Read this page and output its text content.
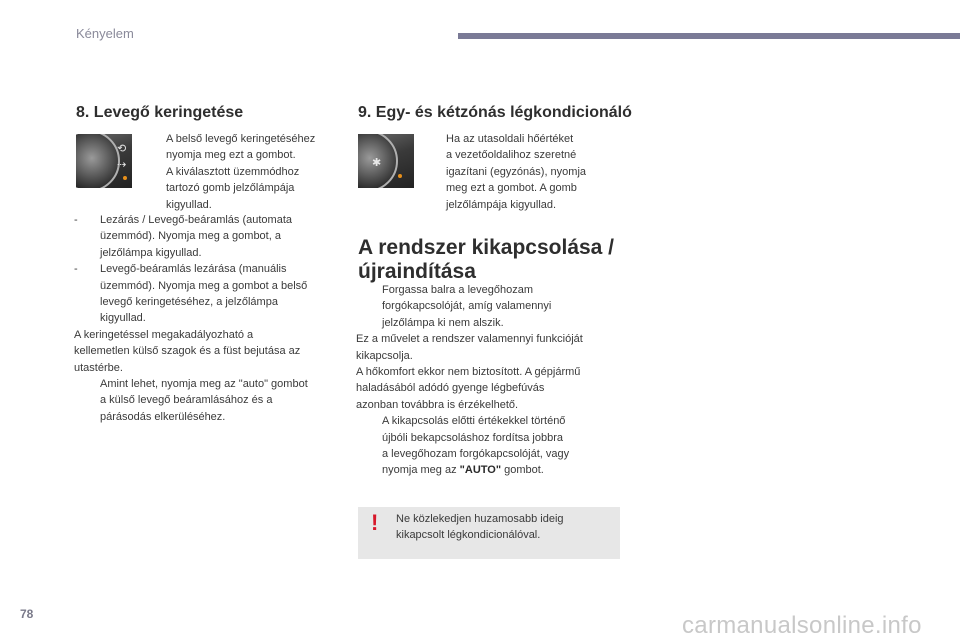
Kényelem
8. Levegő keringetése
⟲
⇢

A belső levegő keringetéséhez

nyomja meg ezt a gombot.

A kiválasztott üzemmódhoz

tartozó gomb jelzőlámpája

kigyullad.

- Lezárás / Levegő-beáramlás (automata

üzemmód). Nyomja meg a gombot, a

jelzőlámpa kigyullad.

- Levegő-beáramlás lezárása (manuális

üzemmód). Nyomja meg a gombot a belső

levegő keringetéséhez, a jelzőlámpa

kigyullad.

A keringetéssel megakadályozható a

kellemetlen külső szagok és a füst bejutása az

utastérbe.

Amint lehet, nyomja meg az "auto" gombot

a külső levegő beáramlásához és a

párásodás elkerüléséhez.

9. Egy- és kétzónás légkondicionáló
✱

Ha az utasoldali hőértéket

a vezetőoldalihoz szeretné

igazítani (egyzónás), nyomja

meg ezt a gombot. A gomb

jelzőlámpája kigyullad.

A rendszer kikapcsolása /
újraindítása

Forgassa balra a levegőhozam

forgókapcsolóját, amíg valamennyi

jelzőlámpa ki nem alszik.

Ez a művelet a rendszer valamennyi funkcióját

kikapcsolja.

A hőkomfort ekkor nem biztosított. A gépjármű

haladásából adódó gyenge légbefúvás

azonban továbbra is érzékelhető.

A kikapcsolás előtti értékekkel történő

újbóli bekapcsoláshoz fordítsa jobbra

a levegőhozam forgókapcsolóját, vagy

nyomja meg az "AUTO" gombot.

! Ne közlekedjen huzamosabb ideig

kikapcsolt légkondicionálóval.

78	carmanualsonline.info
